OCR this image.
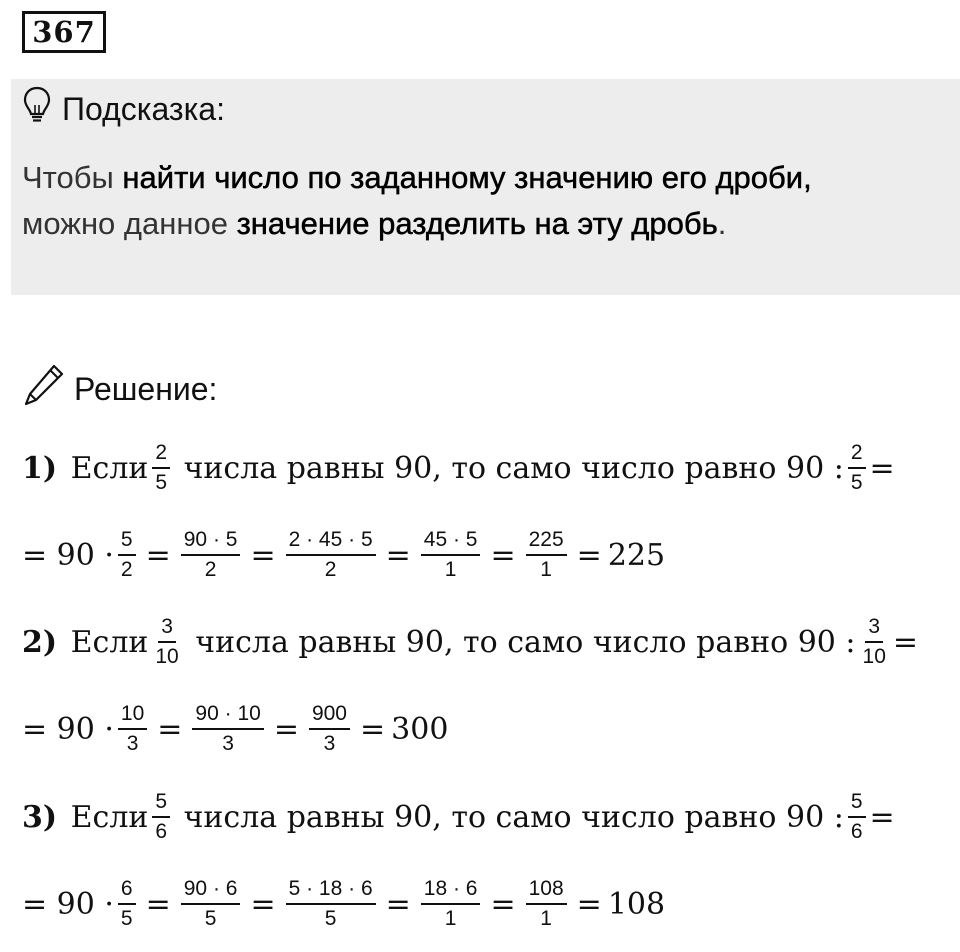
367
Подсказка:
Чтобы найти число по заданному значению его дроби,
можно данное значение разделить на эту дробь.
Решение:
1) Если $\frac{2}{5}$ числа равны 90, то само число равно 90 : $\frac{2}{5}$ =
= $90 \cdot \frac{5}{2} = \frac{90 \cdot 5}{2} = \frac{2 \cdot 45 \cdot 5}{2} = \frac{45 \cdot 5}{1} = \frac{225}{1} = 225$
2) Если $\frac{3}{10}$ числа равны 90, то само число равно 90 : $\frac{3}{10}$ =
= $90 \cdot \frac{10}{3} = \frac{90 \cdot 10}{3} = \frac{900}{3} = 300$
3) Если $\frac{5}{6}$ числа равны 90, то само число равно 90 : $\frac{5}{6}$ =
= $90 \cdot \frac{6}{5} = \frac{90 \cdot 6}{5} = \frac{5 \cdot 18 \cdot 6}{5} = \frac{18 \cdot 6}{1} = \frac{108}{1} = 108$
